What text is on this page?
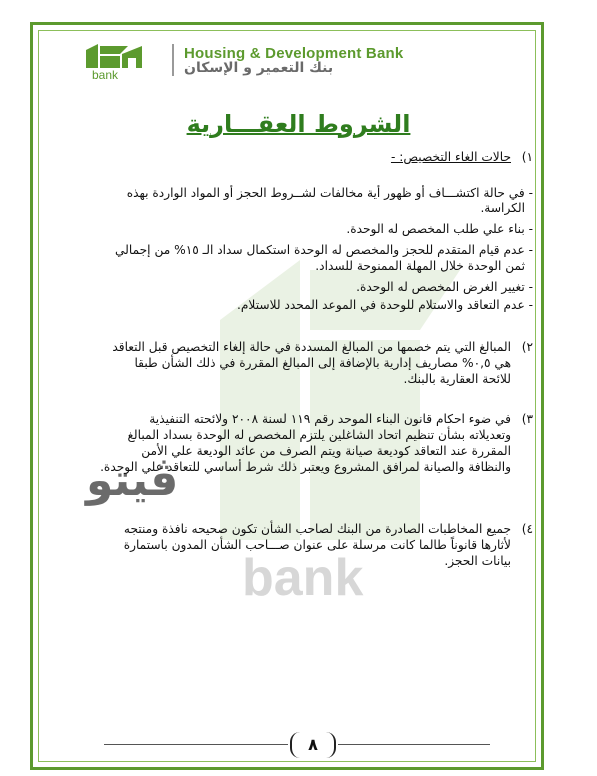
bank
Housing & Development Bank
بنك التعمير و الإسكان
bank
ڤيتو
الشروط العقـــارية
١)
حالات الغاء التخصيص: -
- في حالة اكتشـــاف أو ظهور أية مخالفات لشــروط الحجز أو المواد الواردة بهذه
الكراسة.
- بناء علي طلب المخصص له الوحدة.
- عدم قيام المتقدم للحجز والمخصص له الوحدة استكمال سداد الـ ١٥% من إجمالي
ثمن الوحدة خلال المهلة الممنوحة للسداد.
- تغيير الغرض المخصص له الوحدة.
- عدم التعاقد والاستلام للوحدة في الموعد المحدد للاستلام.
٢)
المبالغ التي يتم خصمها من المبالغ المسددة في حالة إلغاء التخصيص قبل التعاقد
هي ٠,٥% مصاريف إدارية بالإضافة إلى المبالغ المقررة في ذلك الشأن طبقا
للائحة العقارية بالبنك.
٣)
في ضوء احكام قانون البناء الموحد رقم ١١٩ لسنة ٢٠٠٨ ولائحته التنفيذية
وتعديلاته بشأن تنظيم اتحاد الشاغلين يلتزم المخصص له الوحدة بسداد المبالغ
المقررة عند التعاقد كوديعة صيانة ويتم الصرف من عائد الوديعة علي الأمن
والنظافة والصيانة لمرافق المشروع ويعتبر ذلك شرط أساسي للتعاقد علي الوحدة.
٤)
جميع المخاطبات الصادرة من البنك لصاحب الشأن تكون صحيحه نافذة ومنتجه
لأثارها قانوناً طالما كانت مرسلة على عنوان صـــاحب الشأن المدون باستمارة
بيانات الحجز.
٨
